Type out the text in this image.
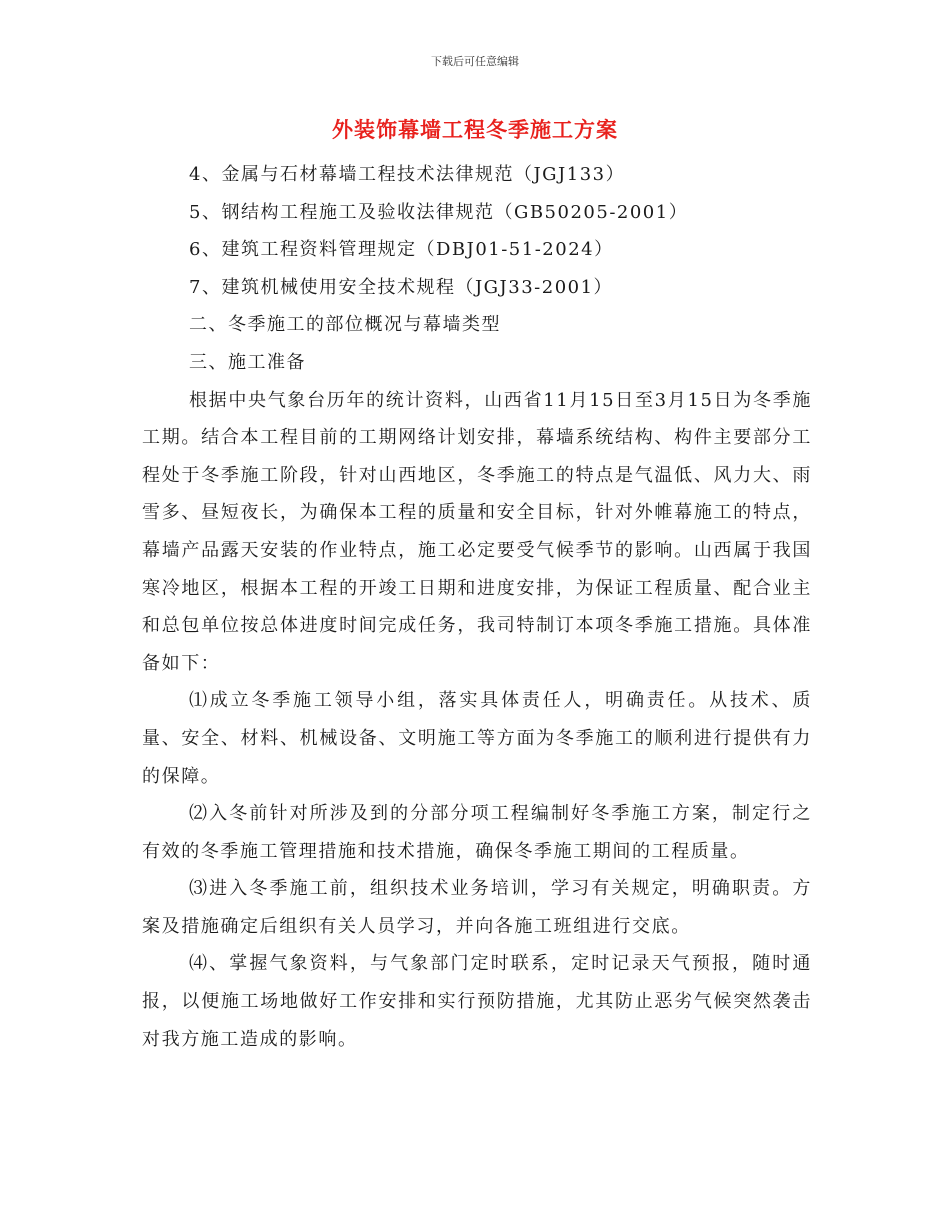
下载后可任意编辑
外装饰幕墙工程冬季施工方案
4、金属与石材幕墙工程技术法律规范（JGJ133）
5、钢结构工程施工及验收法律规范（GB50205-2001）
6、建筑工程资料管理规定（DBJ01-51-2024）
7、建筑机械使用安全技术规程（JGJ33-2001）
二、冬季施工的部位概况与幕墙类型
三、施工准备

根据中央气象台历年的统计资料，山西省11月15日至3月15日为冬季施工期。结合本工程目前的工期网络计划安排，幕墙系统结构、构件主要部分工程处于冬季施工阶段，针对山西地区，冬季施工的特点是气温低、风力大、雨雪多、昼短夜长，为确保本工程的质量和安全目标，针对外帷幕施工的特点，幕墙产品露天安装的作业特点，施工必定要受气候季节的影响。山西属于我国寒冷地区，根据本工程的开竣工日期和进度安排，为保证工程质量、配合业主和总包单位按总体进度时间完成任务，我司特制订本项冬季施工措施。具体准备如下：

⑴成立冬季施工领导小组，落实具体责任人，明确责任。从技术、质量、安全、材料、机械设备、文明施工等方面为冬季施工的顺利进行提供有力的保障。

⑵入冬前针对所涉及到的分部分项工程编制好冬季施工方案，制定行之有效的冬季施工管理措施和技术措施，确保冬季施工期间的工程质量。

⑶进入冬季施工前，组织技术业务培训，学习有关规定，明确职责。方案及措施确定后组织有关人员学习，并向各施工班组进行交底。

⑷、掌握气象资料，与气象部门定时联系，定时记录天气预报，随时通报，以便施工场地做好工作安排和实行预防措施，尤其防止恶劣气候突然袭击对我方施工造成的影响。
